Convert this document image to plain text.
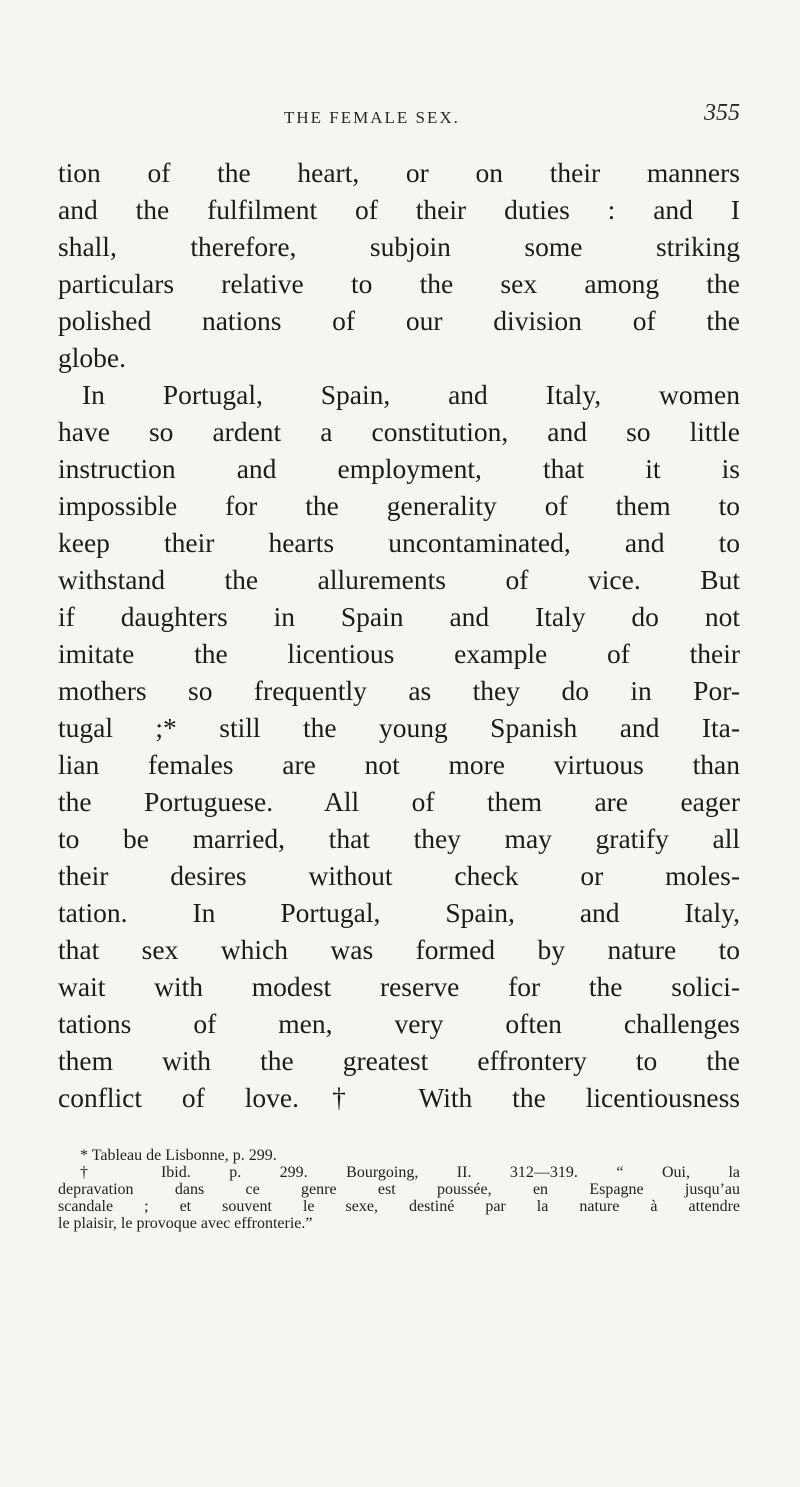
THE FEMALE SEX.	355
tion of the heart, or on their manners
and the fulfilment of their duties : and I
shall, therefore, subjoin some striking
particulars relative to the sex among the
polished nations of our division of the
globe.
In Portugal, Spain, and Italy, women
have so ardent a constitution, and so little
instruction and employment, that it is
impossible for the generality of them to
keep their hearts uncontaminated, and to
withstand the allurements of vice. But
if daughters in Spain and Italy do not
imitate the licentious example of their
mothers so frequently as they do in Por-
tugal ;* still the young Spanish and Ita-
lian females are not more virtuous than
the Portuguese. All of them are eager
to be married, that they may gratify all
their desires without check or moles-
tation. In Portugal, Spain, and Italy,
that sex which was formed by nature to
wait with modest reserve for the solici-
tations of men, very often challenges
them with the greatest effrontery to the
conflict of love.† With the licentiousness
* Tableau de Lisbonne, p. 299.
† Ibid. p. 299. Bourgoing, II. 312—319. “ Oui, la
depravation dans ce genre est poussée, en Espagne jusqu’au
scandale ; et souvent le sexe, destiné par la nature à attendre
le plaisir, le provoque avec effronterie.”
